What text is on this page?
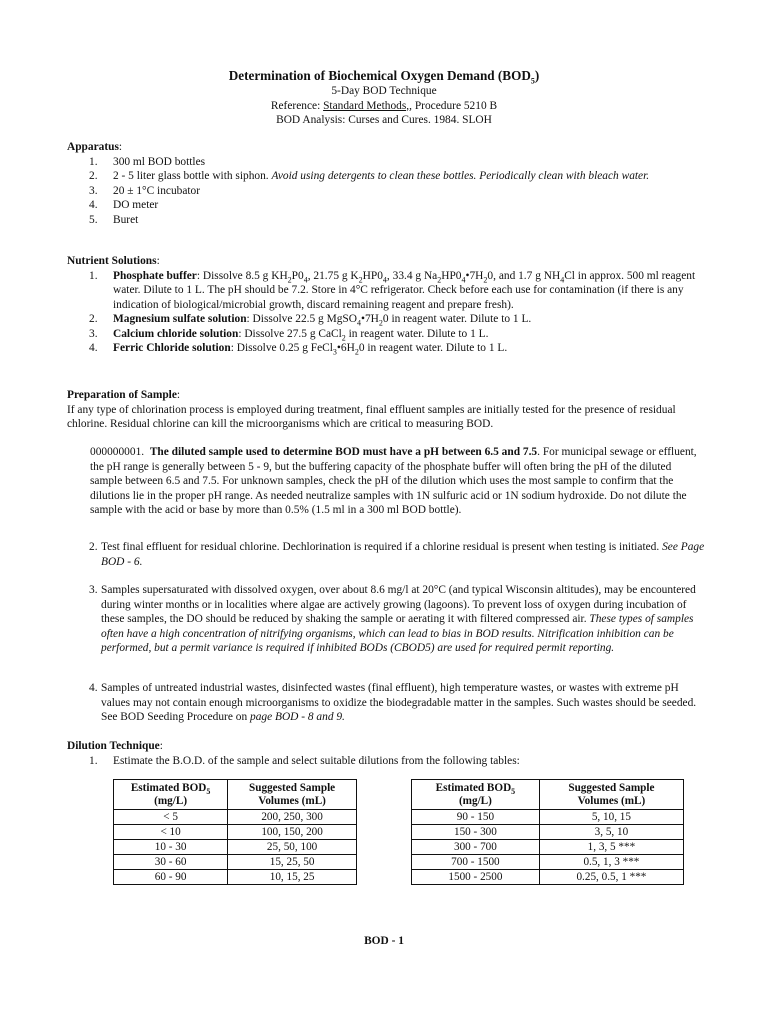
Determination of Biochemical Oxygen Demand $(BOD_5)$
5-Day BOD Technique
Reference: Standard Methods,, Procedure 5210 B
BOD Analysis: Curses and Cures. 1984. SLOH
Apparatus:
1. 300 ml BOD bottles
2. 2 - 5 liter glass bottle with siphon. Avoid using detergents to clean these bottles. Periodically clean with bleach water.
3. 20 ± 1°C incubator
4. DO meter
5. Buret
Nutrient Solutions:
1. Phosphate buffer: Dissolve 8.5 g $KH_2P0_4$, 21.75 g $K_2HP0_4$, 33.4 g $Na_2HP0_4•7H_20$, and 1.7 g $NH_4Cl$ in approx. 500 ml reagent water. Dilute to 1 L. The pH should be 7.2. Store in 4°C refrigerator. Check before each use for contamination (if there is any indication of biological/microbial growth, discard remaining reagent and prepare fresh).
2. Magnesium sulfate solution: Dissolve 22.5 g $MgSO_4•7H_20$ in reagent water. Dilute to 1 L.
3. Calcium chloride solution: Dissolve 27.5 g CaCl$_2$ in reagent water. Dilute to 1 L.
4. Ferric Chloride solution: Dissolve 0.25 g $FeCl_3•6H_20$ in reagent water. Dilute to 1 L.
Preparation of Sample:
If any type of chlorination process is employed during treatment, final effluent samples are initially tested for the presence of residual chlorine. Residual chlorine can kill the microorganisms which are critical to measuring BOD.
000000001. The diluted sample used to determine BOD must have a pH between 6.5 and 7.5. For municipal sewage or effluent, the pH range is generally between 5 - 9, but the buffering capacity of the phosphate buffer will often bring the pH of the diluted sample between 6.5 and 7.5. For unknown samples, check the pH of the dilution which uses the most sample to confirm that the dilutions lie in the proper pH range. As needed neutralize samples with 1N sulfuric acid or 1N sodium hydroxide. Do not dilute the sample with the acid or base by more than 0.5% (1.5 ml in a 300 ml BOD bottle).
2. Test final effluent for residual chlorine. Dechlorination is required if a chlorine residual is present when testing is initiated. See Page BOD - 6.
3. Samples supersaturated with dissolved oxygen, over about 8.6 mg/l at 20°C (and typical Wisconsin altitudes), may be encountered during winter months or in localities where algae are actively growing (lagoons). To prevent loss of oxygen during incubation of these samples, the DO should be reduced by shaking the sample or aerating it with filtered compressed air. These types of samples often have a high concentration of nitrifying organisms, which can lead to bias in BOD results. Nitrification inhibition can be performed, but a permit variance is required if inhibited BODs (CBOD5) are used for required permit reporting.
4. Samples of untreated industrial wastes, disinfected wastes (final effluent), high temperature wastes, or wastes with extreme pH values may not contain enough microorganisms to oxidize the biodegradable matter in the samples. Such wastes should be seeded. See BOD Seeding Procedure on page BOD - 8 and 9.
Dilution Technique:
1. Estimate the B.O.D. of the sample and select suitable dilutions from the following tables:
Estimated $BOD_5$
(mg/L)	Suggested Sample
Volumes (mL)
< 5	200, 250, 300
< 10	100, 150, 200
10 - 30	25, 50, 100
30 - 60	15, 25, 50
60 - 90	10, 15, 25
Estimated $BOD_5$
(mg/L)	Suggested Sample
Volumes (mL)
90 - 150	5, 10, 15
150 - 300	3, 5, 10
300 - 700	1, 3, 5 ***
700 - 1500	0.5, 1, 3 ***
1500 - 2500	0.25, 0.5, 1 ***
BOD - 1
